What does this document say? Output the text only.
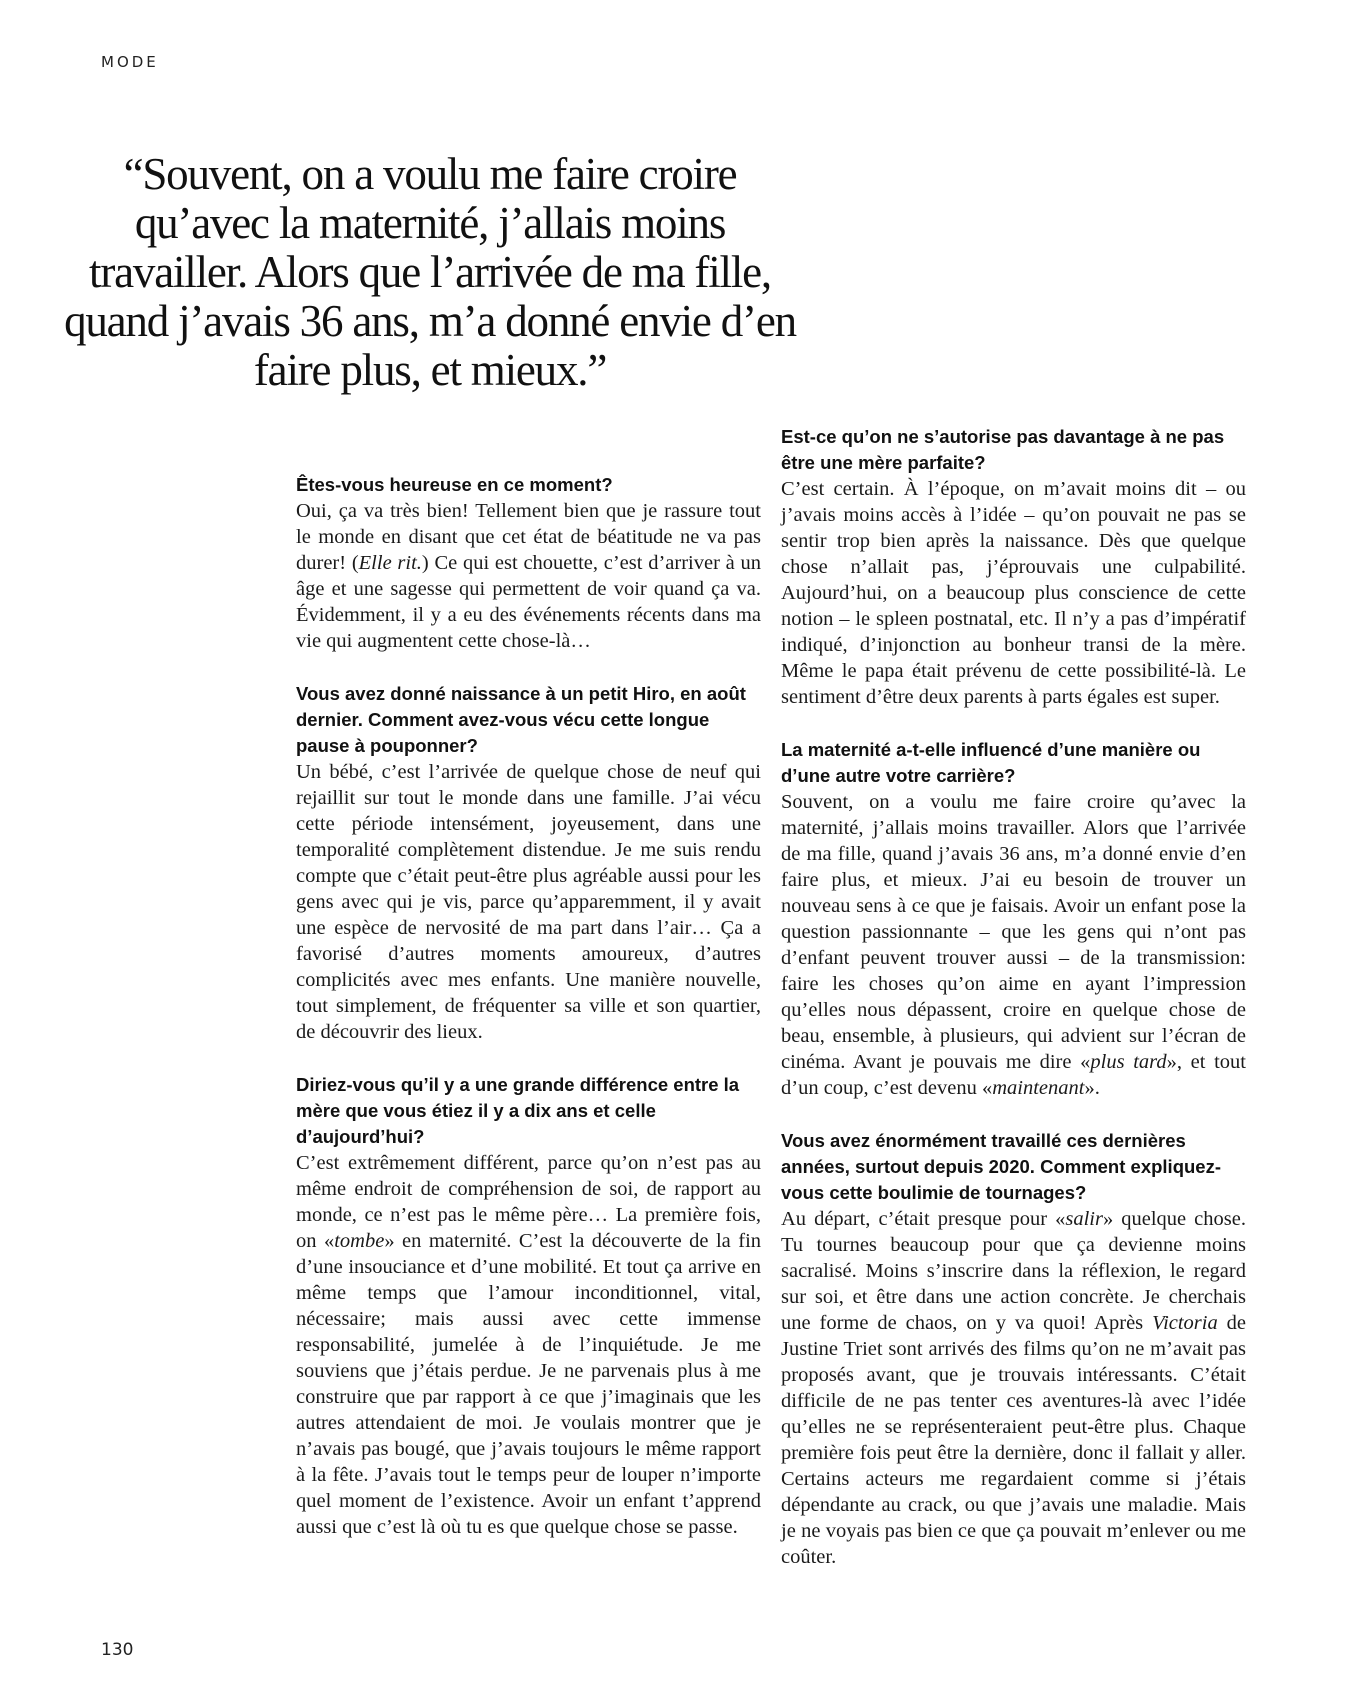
MODE

“Souvent, on a voulu me faire croire qu’avec la maternité, j’allais moins travailler. Alors que l’arrivée de ma fille, quand j’avais 36 ans, m’a donné envie d’en faire plus, et mieux.”

Êtes-vous heureuse en ce moment?

Oui, ça va très bien! Tellement bien que je rassure tout le monde en disant que cet état de béatitude ne va pas durer! (Elle rit.) Ce qui est chouette, c’est d’arriver à un âge et une sagesse qui permettent de voir quand ça va. Évidemment, il y a eu des événements récents dans ma vie qui augmentent cette chose-là…

Vous avez donné naissance à un petit Hiro, en août dernier. Comment avez-vous vécu cette longue pause à pouponner?

Un bébé, c’est l’arrivée de quelque chose de neuf qui rejaillit sur tout le monde dans une famille. J’ai vécu cette période intensément, joyeusement, dans une temporalité complètement distendue. Je me suis rendu compte que c’était peut-être plus agréable aussi pour les gens avec qui je vis, parce qu’apparemment, il y avait une espèce de nervosité de ma part dans l’air… Ça a favorisé d’autres moments amoureux, d’autres complicités avec mes enfants. Une manière nouvelle, tout simplement, de fréquenter sa ville et son quartier, de découvrir des lieux.

Diriez-vous qu’il y a une grande différence entre la mère que vous étiez il y a dix ans et celle d’aujourd’hui?

C’est extrêmement différent, parce qu’on n’est pas au même endroit de compréhension de soi, de rapport au monde, ce n’est pas le même père… La première fois, on «tombe» en maternité. C’est la découverte de la fin d’une insouciance et d’une mobilité. Et tout ça arrive en même temps que l’amour inconditionnel, vital, nécessaire; mais aussi avec cette immense responsabilité, jumelée à de l’inquiétude. Je me souviens que j’étais perdue. Je ne parvenais plus à me construire que par rapport à ce que j’imaginais que les autres attendaient de moi. Je voulais montrer que je n’avais pas bougé, que j’avais toujours le même rapport à la fête. J’avais tout le temps peur de louper n’importe quel moment de l’existence. Avoir un enfant t’apprend aussi que c’est là où tu es que quelque chose se passe.

Est-ce qu’on ne s’autorise pas davantage à ne pas être une mère parfaite?

C’est certain. À l’époque, on m’avait moins dit – ou j’avais moins accès à l’idée – qu’on pouvait ne pas se sentir trop bien après la naissance. Dès que quelque chose n’allait pas, j’éprouvais une culpabilité. Aujourd’hui, on a beaucoup plus conscience de cette notion – le spleen postnatal, etc. Il n’y a pas d’impératif indiqué, d’injonction au bonheur transi de la mère. Même le papa était prévenu de cette possibilité-là. Le sentiment d’être deux parents à parts égales est super.

La maternité a-t-elle influencé d’une manière ou d’une autre votre carrière?

Souvent, on a voulu me faire croire qu’avec la maternité, j’allais moins travailler. Alors que l’arrivée de ma fille, quand j’avais 36 ans, m’a donné envie d’en faire plus, et mieux. J’ai eu besoin de trouver un nouveau sens à ce que je faisais. Avoir un enfant pose la question passionnante – que les gens qui n’ont pas d’enfant peuvent trouver aussi – de la transmission: faire les choses qu’on aime en ayant l’impression qu’elles nous dépassent, croire en quelque chose de beau, ensemble, à plusieurs, qui advient sur l’écran de cinéma. Avant je pouvais me dire «plus tard», et tout d’un coup, c’est devenu «maintenant».

Vous avez énormément travaillé ces dernières années, surtout depuis 2020. Comment expliquez-vous cette boulimie de tournages?

Au départ, c’était presque pour «salir» quelque chose. Tu tournes beaucoup pour que ça devienne moins sacralisé. Moins s’inscrire dans la réflexion, le regard sur soi, et être dans une action concrète. Je cherchais une forme de chaos, on y va quoi! Après Victoria de Justine Triet sont arrivés des films qu’on ne m’avait pas proposés avant, que je trouvais intéressants. C’était difficile de ne pas tenter ces aventures-là avec l’idée qu’elles ne se représenteraient peut-être plus. Chaque première fois peut être la dernière, donc il fallait y aller. Certains acteurs me regardaient comme si j’étais dépendante au crack, ou que j’avais une maladie. Mais je ne voyais pas bien ce que ça pouvait m’enlever ou me coûter.

130
